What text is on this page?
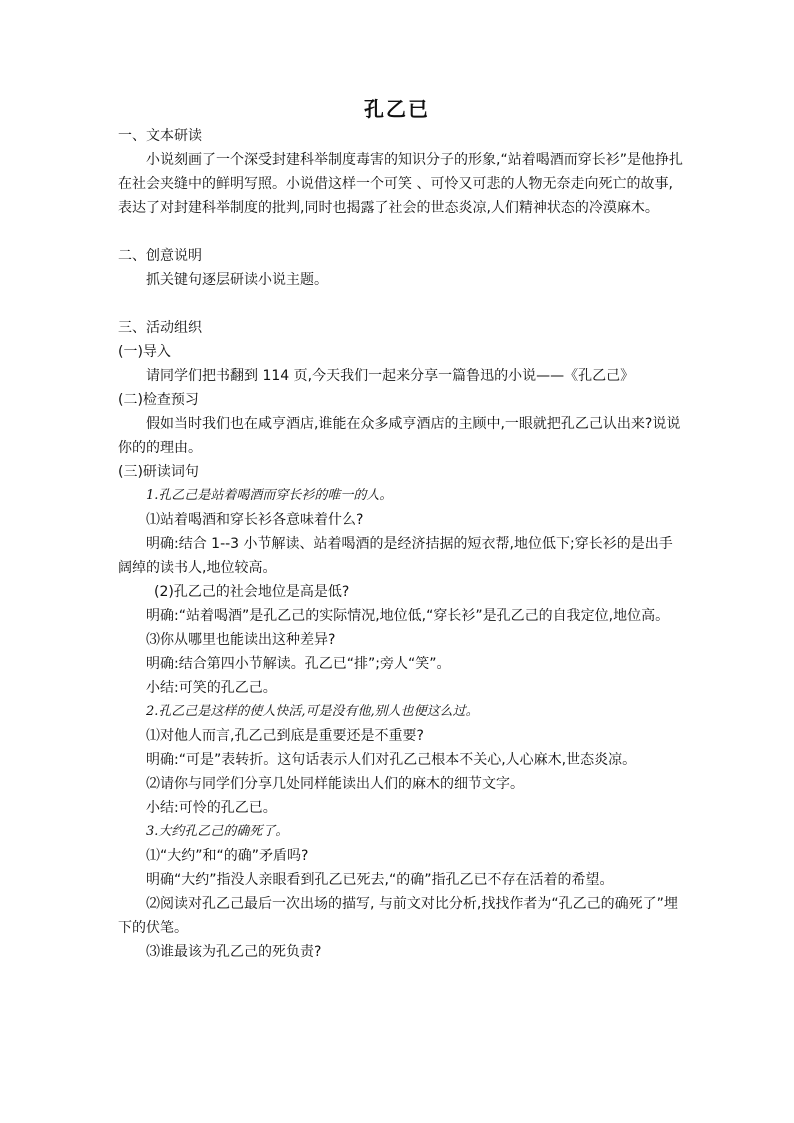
孔乙已

一、文本研读

小说刻画了一个深受封建科举制度毒害的知识分子的形象,“站着喝酒而穿长衫”是他挣扎在社会夹缝中的鲜明写照。小说借这样一个可笑 、可怜又可悲的人物无奈走向死亡的故事,表达了对封建科举制度的批判,同时也揭露了社会的世态炎凉,人们精神状态的冷漠麻木。

二、创意说明

抓关键句逐层研读小说主题。

三、活动组织

(一)导入

请同学们把书翻到 114 页,今天我们一起来分享一篇鲁迅的小说——《孔乙己》

(二)检查预习

假如当时我们也在咸亨酒店,谁能在众多咸亨酒店的主顾中,一眼就把孔乙己认出来?说说你的的理由。

(三)研读词句

1.孔乙己是站着喝酒而穿长衫的唯一的人。

⑴站着喝酒和穿长衫各意味着什么?

明确:结合 1--3 小节解读、站着喝酒的是经济拮据的短衣帮,地位低下;穿长衫的是出手阔绰的读书人,地位较高。

(2)孔乙己的社会地位是高是低?

明确:“站着喝酒”是孔乙己的实际情况,地位低,“穿长衫”是孔乙己的自我定位,地位高。

⑶你从哪里也能读出这种差异?

明确:结合第四小节解读。孔乙已“排”;旁人“笑”。

小结:可笑的孔乙己。

2.孔乙己是这样的使人快活,可是没有他,别人也便这么过。

⑴对他人而言,孔乙己到底是重要还是不重要?

明确:“可是”表转折。这句话表示人们对孔乙己根本不关心,人心麻木,世态炎凉。

⑵请你与同学们分享几处同样能读出人们的麻木的细节文字。

小结:可怜的孔乙已。

3.大约孔乙己的确死了。

⑴“大约”和“的确”矛盾吗?

明确“大约”指没人亲眼看到孔乙已死去,“的确”指孔乙已不存在活着的希望。

⑵阅读对孔乙己最后一次出场的描写, 与前文对比分析,找找作者为“孔乙己的确死了”埋下的伏笔。

⑶谁最该为孔乙己的死负责?
